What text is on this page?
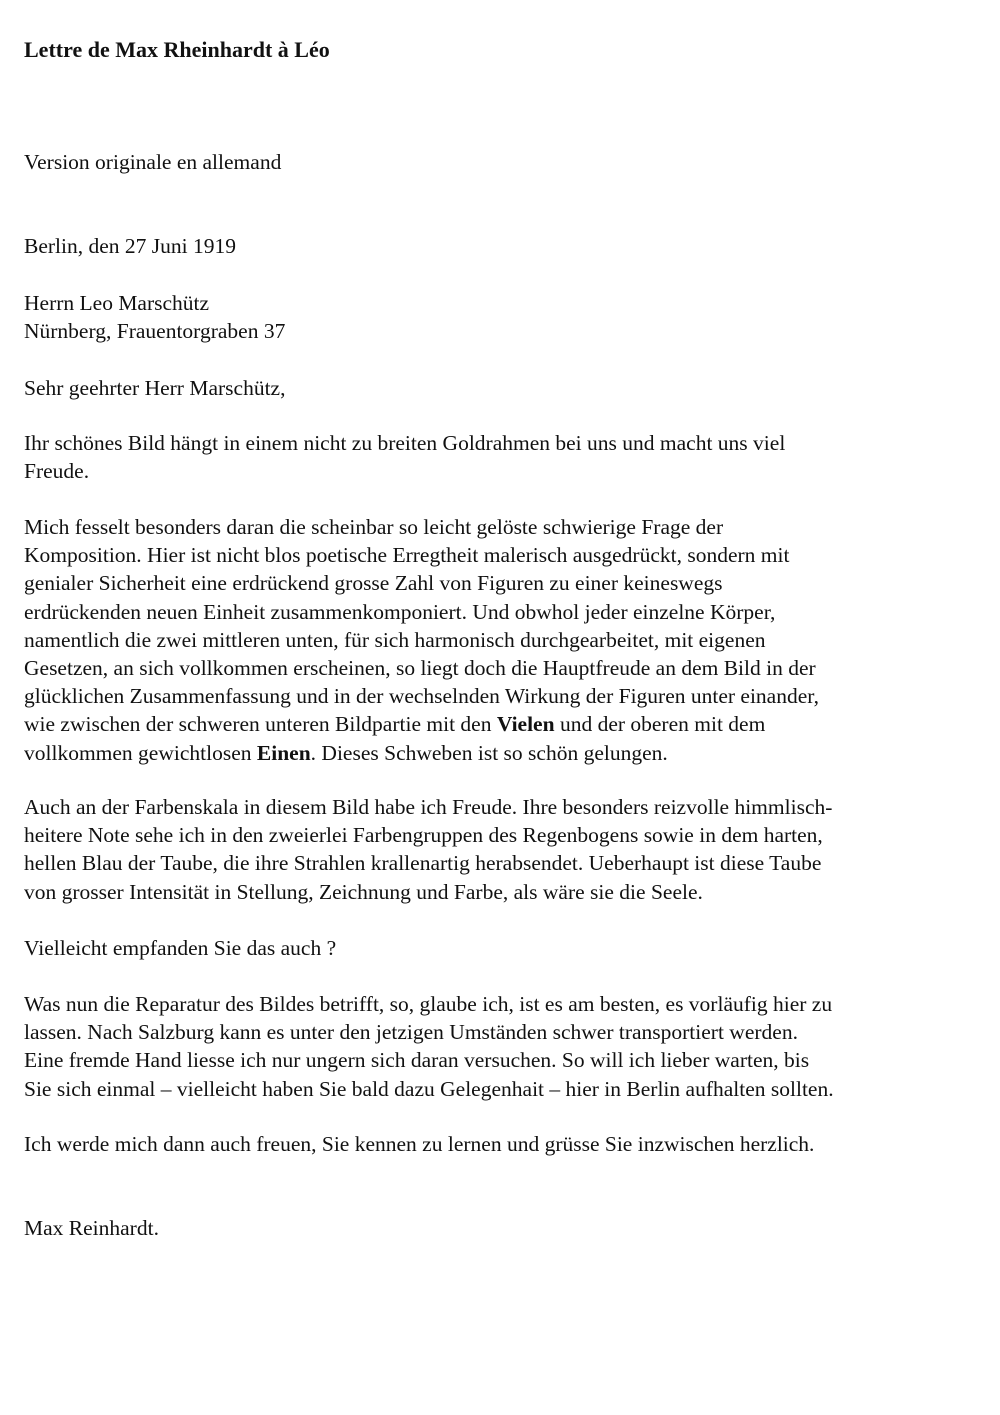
Lettre de Max Rheinhardt à Léo

Version originale en allemand

Berlin, den 27 Juni 1919

Herrn Leo Marschütz
Nürnberg, Frauentorgraben 37

Sehr geehrter Herr Marschütz,

Ihr schönes Bild hängt in einem nicht zu breiten Goldrahmen bei uns und macht uns viel
Freude.

Mich fesselt besonders daran die scheinbar so leicht gelöste schwierige Frage der
Komposition. Hier ist nicht blos poetische Erregtheit malerisch ausgedrückt, sondern mit
genialer Sicherheit eine erdrückend grosse Zahl von Figuren zu einer keineswegs
erdrückenden neuen Einheit zusammenkomponiert. Und obwhol jeder einzelne Körper,
namentlich die zwei mittleren unten, für sich harmonisch durchgearbeitet, mit eigenen
Gesetzen, an sich vollkommen erscheinen, so liegt doch die Hauptfreude an dem Bild in der
glücklichen Zusammenfassung und in der wechselnden Wirkung der Figuren unter einander,
wie zwischen der schweren unteren Bildpartie mit den Vielen und der oberen mit dem
vollkommen gewichtlosen Einen. Dieses Schweben ist so schön gelungen.

Auch an der Farbenskala in diesem Bild habe ich Freude. Ihre besonders reizvolle himmlisch-
heitere Note sehe ich in den zweierlei Farbengruppen des Regenbogens sowie in dem harten,
hellen Blau der Taube, die ihre Strahlen krallenartig herabsendet. Ueberhaupt ist diese Taube
von grosser Intensität in Stellung, Zeichnung und Farbe, als wäre sie die Seele.

Vielleicht empfanden Sie das auch ?

Was nun die Reparatur des Bildes betrifft, so, glaube ich, ist es am besten, es vorläufig hier zu
lassen. Nach Salzburg kann es unter den jetzigen Umständen schwer transportiert werden.
Eine fremde Hand liesse ich nur ungern sich daran versuchen. So will ich lieber warten, bis
Sie sich einmal – vielleicht haben Sie bald dazu Gelegenhait – hier in Berlin aufhalten sollten.

Ich werde mich dann auch freuen, Sie kennen zu lernen und grüsse Sie inzwischen herzlich.

Max Reinhardt.
